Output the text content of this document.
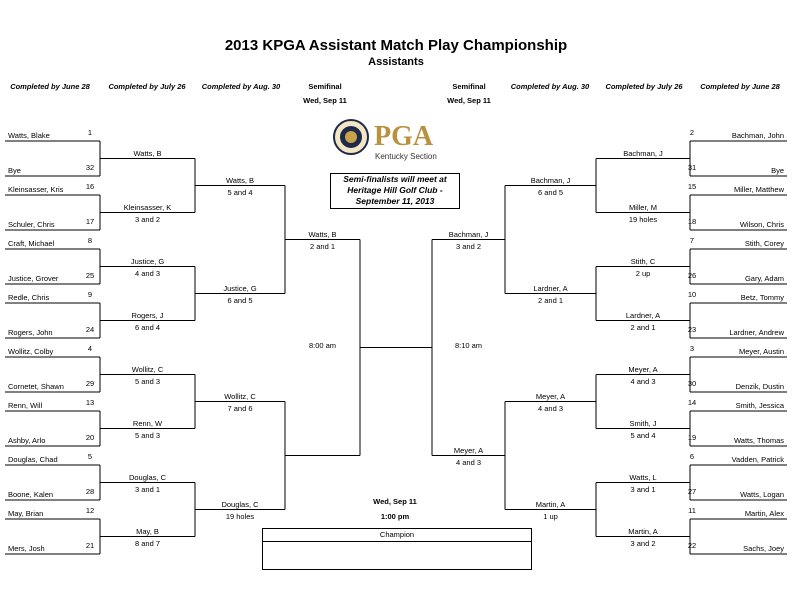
2013 KPGA Assistant Match Play Championship
Assistants
Completed by June 28	Completed by July 26	Completed by Aug. 30	Semifinal
Wed, Sep 11
Semifinal
Wed, Sep 11
Completed by Aug. 30	Completed by July 26	Completed by June 28
PGA
Kentucky Section
Semi-finalists will meet at
Heritage Hill Golf Club -
September 11, 2013
Watts, Blake	1
Bye	32
Kleinsasser, Kris	16
Schuler, Chris	17
Craft, Michael	8
Justice, Grover	25
Redle, Chris	9
Rogers, John	24
Wollitz, Colby	4
Cornetet, Shawn	29
Renn, Will	13
Ashby, Arlo	20
Douglas, Chad	5
Boone, Kalen	28
May, Brian	12
Mers, Josh	21
Watts, B
Kleinsasser, K
3 and 2
Justice, G
4 and 3
Rogers, J
6 and 4
Wollitz, C
5 and 3
Renn, W
5 and 3
Douglas, C
3 and 1
May, B
8 and 7
Watts, B
5 and 4
Justice, G
6 and 5
Wollitz, C
7 and 6
Douglas, C
19 holes
Watts, B
2 and 1
8:00 am
Bachman, John
2
Bye
31
Miller, Matthew
15
Wilson, Chris
18
Stith, Corey
7
Gary, Adam
26
Betz, Tommy
10
Lardner, Andrew
23
Meyer, Austin
3
Denzik, Dustin
30
Smith, Jessica
14
Watts, Thomas
19
Vadden, Patrick
6
Watts, Logan
27
Martin, Alex
11
Sachs, Joey
22
Bachman, J
Miller, M
19 holes
Stith, C
2 up
Lardner, A
2 and 1
Meyer, A
4 and 3
Smith, J
5 and 4
Watts, L
3 and 1
Martin, A
3 and 2
Bachman, J
6 and 5
Lardner, A
2 and 1
Meyer, A
4 and 3
Martin, A
1 up
Bachman, J
3 and 2
Meyer, A
4 and 3
8:10 am
Wed, Sep 11
1:00 pm
Champion
